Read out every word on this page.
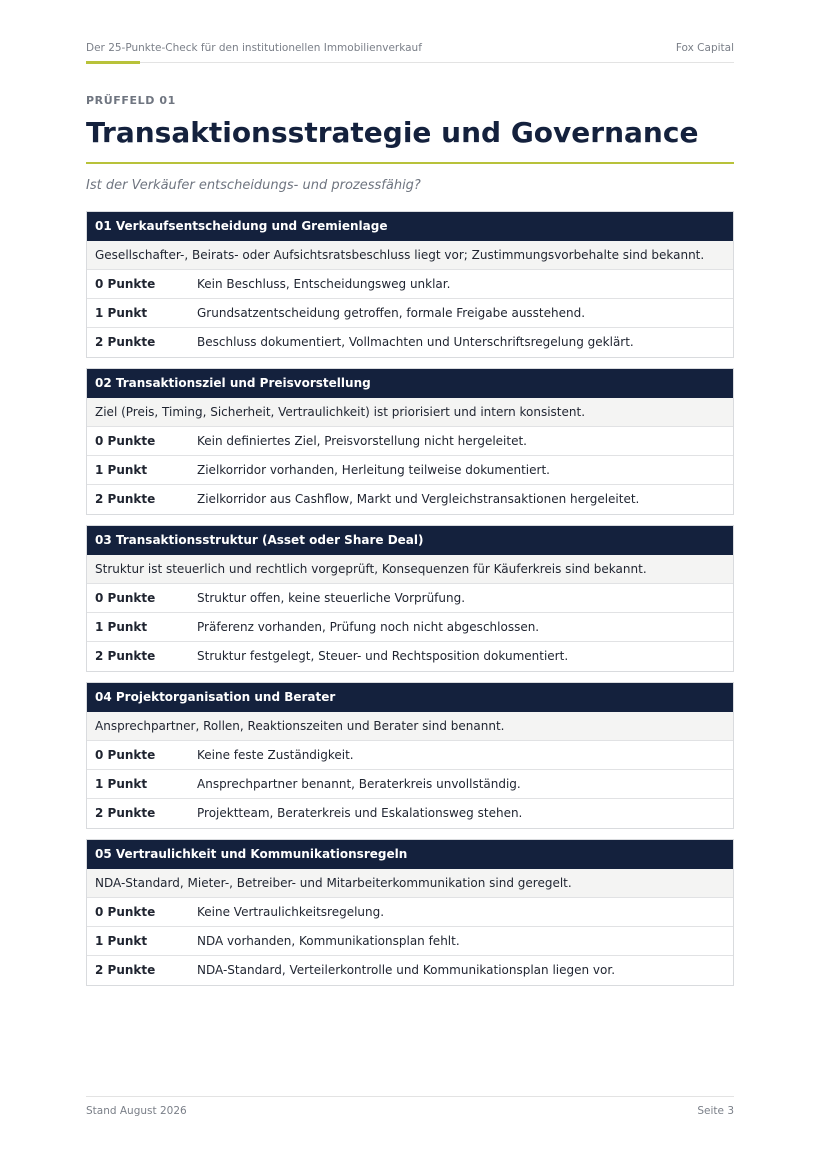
Der 25-Punkte-Check für den institutionellen Immobilienverkauf	Fox Capital
PRÜFFELD 01
Transaktionsstrategie und Governance
Ist der Verkäufer entscheidungs- und prozessfähig?
01 Verkaufsentscheidung und Gremienlage
Gesellschafter-, Beirats- oder Aufsichtsratsbeschluss liegt vor; Zustimmungsvorbehalte sind bekannt.
0 Punkte	Kein Beschluss, Entscheidungsweg unklar.
1 Punkt	Grundsatzentscheidung getroffen, formale Freigabe ausstehend.
2 Punkte	Beschluss dokumentiert, Vollmachten und Unterschriftsregelung geklärt.
02 Transaktionsziel und Preisvorstellung
Ziel (Preis, Timing, Sicherheit, Vertraulichkeit) ist priorisiert und intern konsistent.
0 Punkte	Kein definiertes Ziel, Preisvorstellung nicht hergeleitet.
1 Punkt	Zielkorridor vorhanden, Herleitung teilweise dokumentiert.
2 Punkte	Zielkorridor aus Cashflow, Markt und Vergleichstransaktionen hergeleitet.
03 Transaktionsstruktur (Asset oder Share Deal)
Struktur ist steuerlich und rechtlich vorgeprüft, Konsequenzen für Käuferkreis sind bekannt.
0 Punkte	Struktur offen, keine steuerliche Vorprüfung.
1 Punkt	Präferenz vorhanden, Prüfung noch nicht abgeschlossen.
2 Punkte	Struktur festgelegt, Steuer- und Rechtsposition dokumentiert.
04 Projektorganisation und Berater
Ansprechpartner, Rollen, Reaktionszeiten und Berater sind benannt.
0 Punkte	Keine feste Zuständigkeit.
1 Punkt	Ansprechpartner benannt, Beraterkreis unvollständig.
2 Punkte	Projektteam, Beraterkreis und Eskalationsweg stehen.
05 Vertraulichkeit und Kommunikationsregeln
NDA-Standard, Mieter-, Betreiber- und Mitarbeiterkommunikation sind geregelt.
0 Punkte	Keine Vertraulichkeitsregelung.
1 Punkt	NDA vorhanden, Kommunikationsplan fehlt.
2 Punkte	NDA-Standard, Verteilerkontrolle und Kommunikationsplan liegen vor.
Stand August 2026	Seite 3
